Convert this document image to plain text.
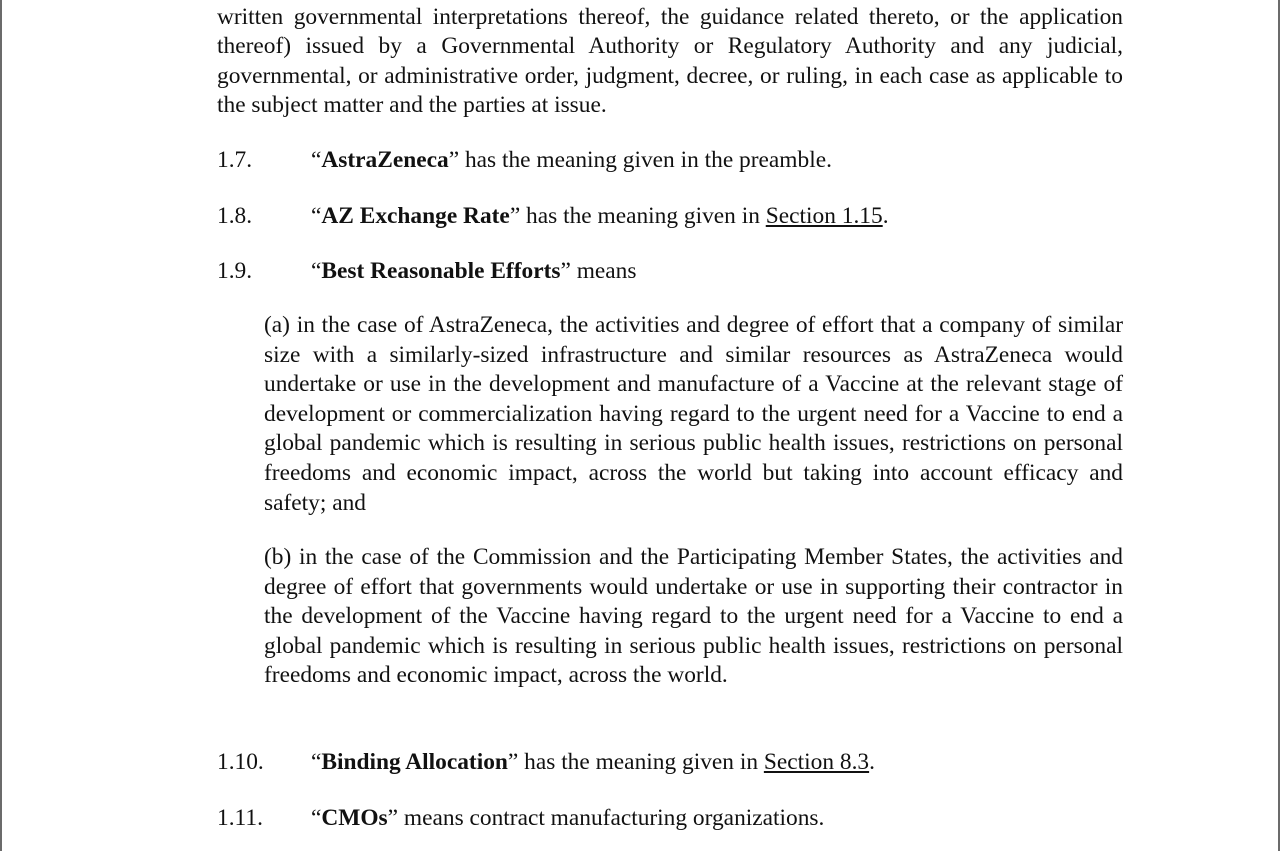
written governmental interpretations thereof, the guidance related thereto, or the application thereof) issued by a Governmental Authority or Regulatory Authority and any judicial, governmental, or administrative order, judgment, decree, or ruling, in each case as applicable to the subject matter and the parties at issue.

1.7.	“AstraZeneca” has the meaning given in the preamble.
1.8.	“AZ Exchange Rate” has the meaning given in Section 1.15.
1.9.	“Best Reasonable Efforts” means

(a) in the case of AstraZeneca, the activities and degree of effort that a company of similar size with a similarly-sized infrastructure and similar resources as AstraZeneca would undertake or use in the development and manufacture of a Vaccine at the relevant stage of development or commercialization having regard to the urgent need for a Vaccine to end a global pandemic which is resulting in serious public health issues, restrictions on personal freedoms and economic impact, across the world but taking into account efficacy and safety; and

(b) in the case of the Commission and the Participating Member States, the activities and degree of effort that governments would undertake or use in supporting their contractor in the development of the Vaccine having regard to the urgent need for a Vaccine to end a global pandemic which is resulting in serious public health issues, restrictions on personal freedoms and economic impact, across the world.

1.10. “Binding Allocation” has the meaning given in Section 8.3.
1.11. “CMOs” means contract manufacturing organizations.
